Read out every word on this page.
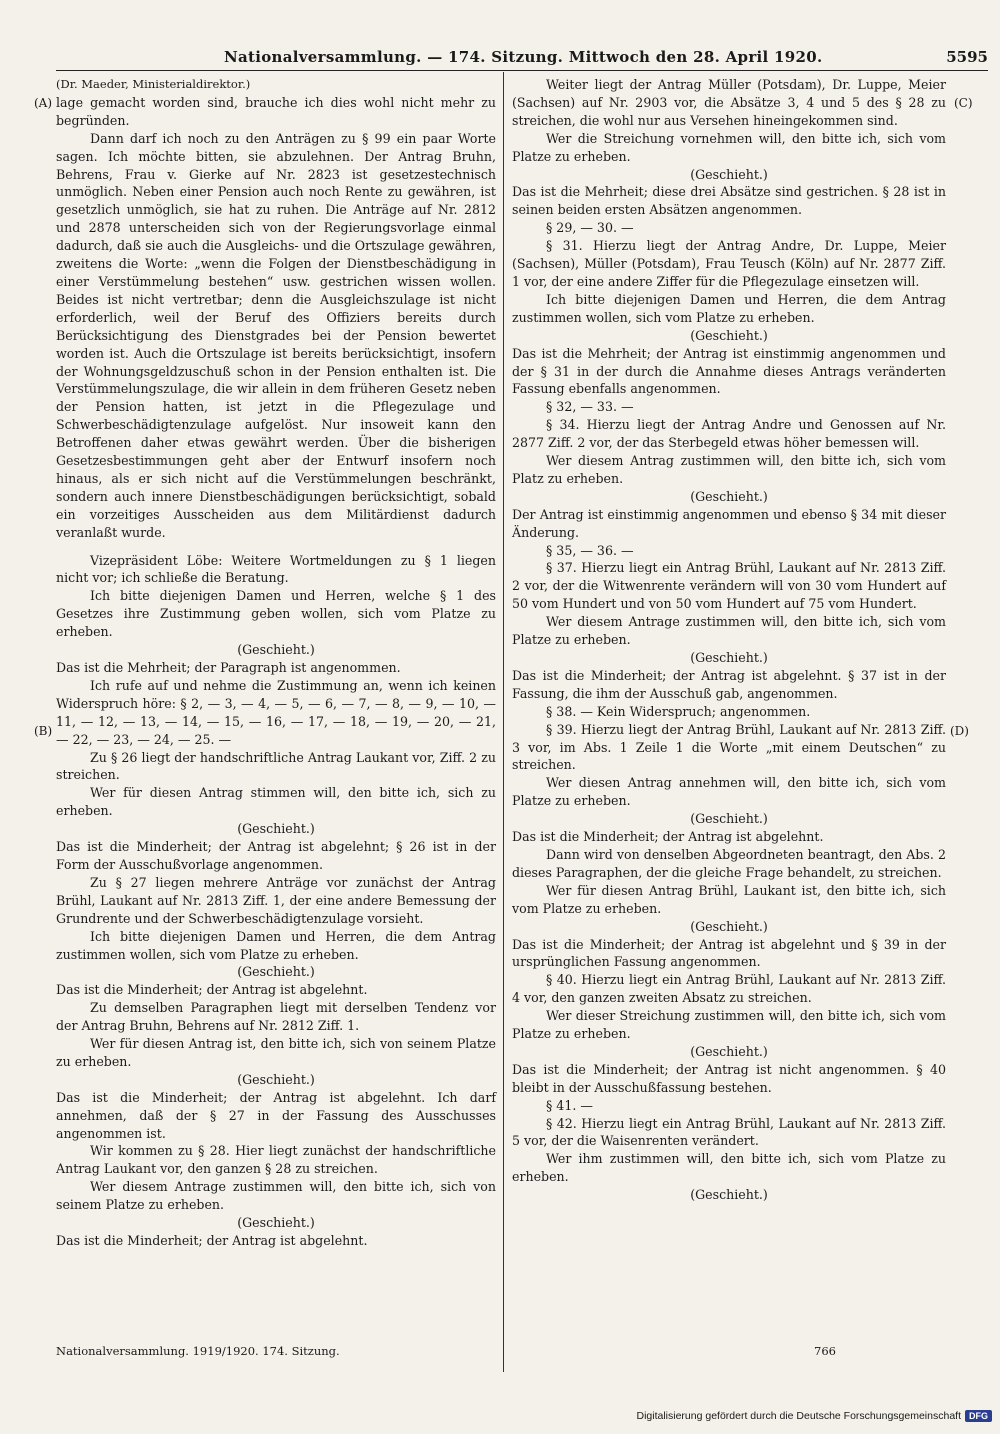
Nationalversammlung. — 174. Sitzung. Mittwoch den 28. April 1920.	5595
(A)
(B)
(C)
(D)

(Dr. Maeder, Ministerialdirektor.)

lage gemacht worden sind, brauche ich dies wohl nicht mehr zu begründen.

Dann darf ich noch zu den Anträgen zu § 99 ein paar Worte sagen. Ich möchte bitten, sie abzulehnen. Der Antrag Bruhn, Behrens, Frau v. Gierke auf Nr. 2823 ist gesetzestechnisch unmöglich. Neben einer Pension auch noch Rente zu gewähren, ist gesetzlich unmöglich, sie hat zu ruhen. Die Anträge auf Nr. 2812 und 2878 unterscheiden sich von der Regierungsvorlage einmal dadurch, daß sie auch die Ausgleichs- und die Ortszulage gewähren, zweitens die Worte: „wenn die Folgen der Dienstbeschädigung in einer Verstümmelung bestehen“ usw. gestrichen wissen wollen. Beides ist nicht vertretbar; denn die Ausgleichszulage ist nicht erforderlich, weil der Beruf des Offiziers bereits durch Berücksichtigung des Dienstgrades bei der Pension bewertet worden ist. Auch die Ortszulage ist bereits berücksichtigt, insofern der Wohnungsgeldzuschuß schon in der Pension enthalten ist. Die Verstümmelungszulage, die wir allein in dem früheren Gesetz neben der Pension hatten, ist jetzt in die Pflegezulage und Schwerbeschädigtenzulage aufgelöst. Nur insoweit kann den Betroffenen daher etwas gewährt werden. Über die bisherigen Gesetzesbestimmungen geht aber der Entwurf insofern noch hinaus, als er sich nicht auf die Verstümmelungen beschränkt, sondern auch innere Dienstbeschädigungen berücksichtigt, sobald ein vorzeitiges Ausscheiden aus dem Militärdienst dadurch veranlaßt wurde.

Vizepräsident Löbe: Weitere Wortmeldungen zu § 1 liegen nicht vor; ich schließe die Beratung.

Ich bitte diejenigen Damen und Herren, welche § 1 des Gesetzes ihre Zustimmung geben wollen, sich vom Platze zu erheben.

(Geschieht.)

Das ist die Mehrheit; der Paragraph ist angenommen.

Ich rufe auf und nehme die Zustimmung an, wenn ich keinen Widerspruch höre: § 2, — 3, — 4, — 5, — 6, — 7, — 8, — 9, — 10, — 11, — 12, — 13, — 14, — 15, — 16, — 17, — 18, — 19, — 20, — 21, — 22, — 23, — 24, — 25. —

Zu § 26 liegt der handschriftliche Antrag Laukant vor, Ziff. 2 zu streichen.

Wer für diesen Antrag stimmen will, den bitte ich, sich zu erheben.

(Geschieht.)

Das ist die Minderheit; der Antrag ist abgelehnt; § 26 ist in der Form der Ausschußvorlage angenommen.

Zu § 27 liegen mehrere Anträge vor zunächst der Antrag Brühl, Laukant auf Nr. 2813 Ziff. 1, der eine andere Bemessung der Grundrente und der Schwerbeschädigtenzulage vorsieht.

Ich bitte diejenigen Damen und Herren, die dem Antrag zustimmen wollen, sich vom Platze zu erheben.

(Geschieht.)

Das ist die Minderheit; der Antrag ist abgelehnt.

Zu demselben Paragraphen liegt mit derselben Tendenz vor der Antrag Bruhn, Behrens auf Nr. 2812 Ziff. 1.

Wer für diesen Antrag ist, den bitte ich, sich von seinem Platze zu erheben.

(Geschieht.)

Das ist die Minderheit; der Antrag ist abgelehnt. Ich darf annehmen, daß der § 27 in der Fassung des Ausschusses angenommen ist.

Wir kommen zu § 28. Hier liegt zunächst der handschriftliche Antrag Laukant vor, den ganzen § 28 zu streichen.

Wer diesem Antrage zustimmen will, den bitte ich, sich von seinem Platze zu erheben.

(Geschieht.)

Das ist die Minderheit; der Antrag ist abgelehnt.

Weiter liegt der Antrag Müller (Potsdam), Dr. Luppe, Meier (Sachsen) auf Nr. 2903 vor, die Absätze 3, 4 und 5 des § 28 zu streichen, die wohl nur aus Versehen hineingekommen sind.

Wer die Streichung vornehmen will, den bitte ich, sich vom Platze zu erheben.

(Geschieht.)

Das ist die Mehrheit; diese drei Absätze sind gestrichen. § 28 ist in seinen beiden ersten Absätzen angenommen.

§ 29, — 30. —

§ 31. Hierzu liegt der Antrag Andre, Dr. Luppe, Meier (Sachsen), Müller (Potsdam), Frau Teusch (Köln) auf Nr. 2877 Ziff. 1 vor, der eine andere Ziffer für die Pflegezulage einsetzen will.

Ich bitte diejenigen Damen und Herren, die dem Antrag zustimmen wollen, sich vom Platze zu erheben.

(Geschieht.)

Das ist die Mehrheit; der Antrag ist einstimmig angenommen und der § 31 in der durch die Annahme dieses Antrags veränderten Fassung ebenfalls angenommen.

§ 32, — 33. —

§ 34. Hierzu liegt der Antrag Andre und Genossen auf Nr. 2877 Ziff. 2 vor, der das Sterbegeld etwas höher bemessen will.

Wer diesem Antrag zustimmen will, den bitte ich, sich vom Platz zu erheben.

(Geschieht.)

Der Antrag ist einstimmig angenommen und ebenso § 34 mit dieser Änderung.

§ 35, — 36. —

§ 37. Hierzu liegt ein Antrag Brühl, Laukant auf Nr. 2813 Ziff. 2 vor, der die Witwenrente verändern will von 30 vom Hundert auf 50 vom Hundert und von 50 vom Hundert auf 75 vom Hundert.

Wer diesem Antrage zustimmen will, den bitte ich, sich vom Platze zu erheben.

(Geschieht.)

Das ist die Minderheit; der Antrag ist abgelehnt. § 37 ist in der Fassung, die ihm der Ausschuß gab, angenommen.

§ 38. — Kein Widerspruch; angenommen.

§ 39. Hierzu liegt der Antrag Brühl, Laukant auf Nr. 2813 Ziff. 3 vor, im Abs. 1 Zeile 1 die Worte „mit einem Deutschen“ zu streichen.

Wer diesen Antrag annehmen will, den bitte ich, sich vom Platze zu erheben.

(Geschieht.)

Das ist die Minderheit; der Antrag ist abgelehnt.

Dann wird von denselben Abgeordneten beantragt, den Abs. 2 dieses Paragraphen, der die gleiche Frage behandelt, zu streichen.

Wer für diesen Antrag Brühl, Laukant ist, den bitte ich, sich vom Platze zu erheben.

(Geschieht.)

Das ist die Minderheit; der Antrag ist abgelehnt und § 39 in der ursprünglichen Fassung angenommen.

§ 40. Hierzu liegt ein Antrag Brühl, Laukant auf Nr. 2813 Ziff. 4 vor, den ganzen zweiten Absatz zu streichen.

Wer dieser Streichung zustimmen will, den bitte ich, sich vom Platze zu erheben.

(Geschieht.)

Das ist die Minderheit; der Antrag ist nicht angenommen. § 40 bleibt in der Ausschußfassung bestehen.

§ 41. —

§ 42. Hierzu liegt ein Antrag Brühl, Laukant auf Nr. 2813 Ziff. 5 vor, der die Waisenrenten verändert.

Wer ihm zustimmen will, den bitte ich, sich vom Platze zu erheben.

(Geschieht.)

Nationalversammlung. 1919/1920. 174. Sitzung.	766
Digitalisierung gefördert durch die Deutsche Forschungsgemeinschaft DFG
